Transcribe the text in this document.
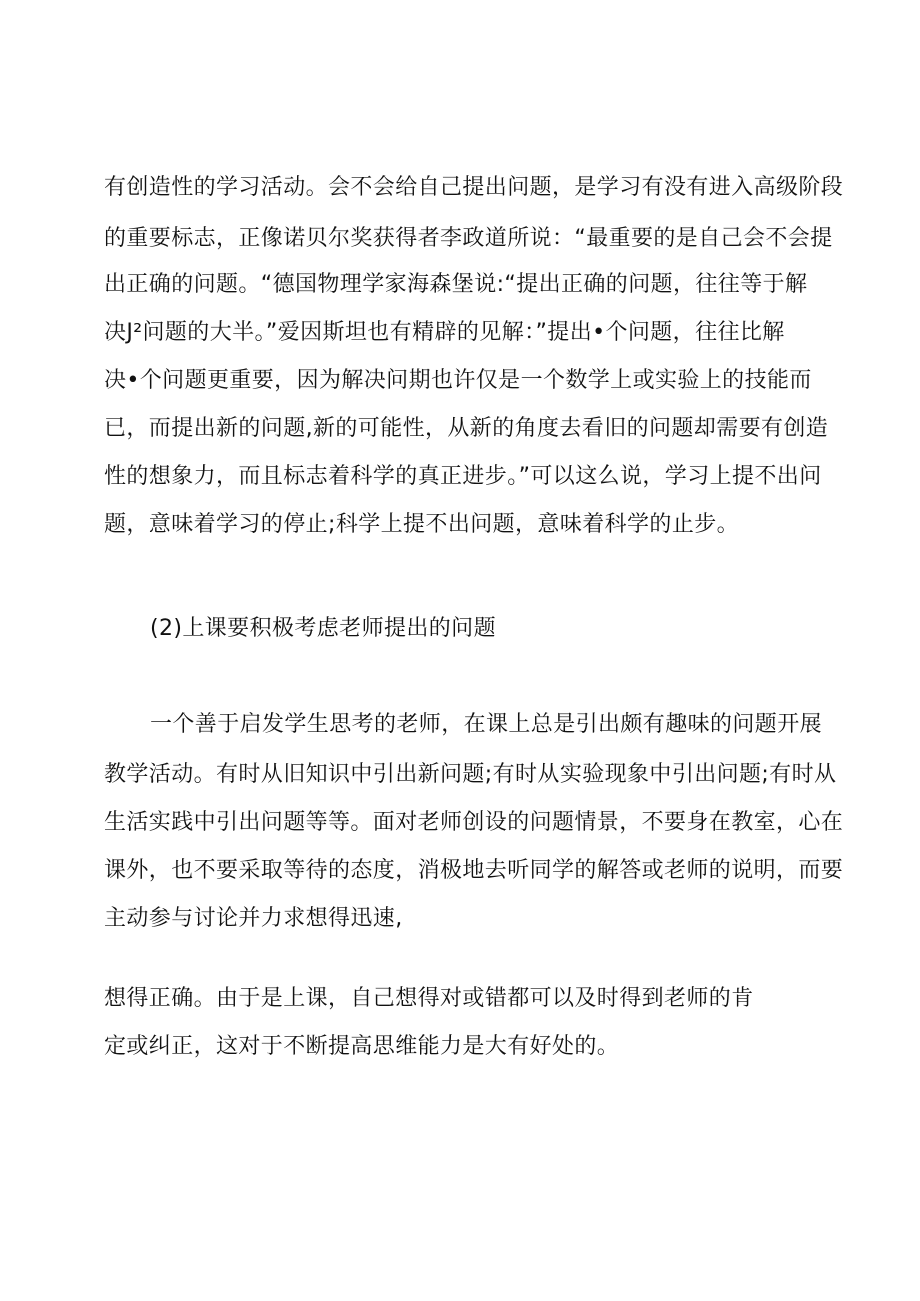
有创造性的学习活动。会不会给自己提出问题，是学习有没有进入高级阶段
的重要标志，正像诺贝尔奖获得者李政道所说：“最重要的是自己会不会提
出正确的问题。“德国物理学家海森堡说:“提出正确的问题，往往等于解
决J²问题的大半。”爱因斯坦也有精辟的见解：”提出•个问题，往往比解
决•个问题更重要，因为解决问期也许仅是一个数学上或实验上的技能而
已，而提出新的问题,新的可能性，从新的角度去看旧的问题却需要有创造
性的想象力，而且标志着科学的真正进步。”可以这么说，学习上提不出问
题，意味着学习的停止;科学上提不出问题，意味着科学的止步。
(2)上课要积极考虑老师提出的问题
一个善于启发学生思考的老师，在课上总是引出颇有趣味的问题开展
教学活动。有时从旧知识中引出新问题;有时从实验现象中引出问题;有时从
生活实践中引出问题等等。面对老师创设的问题情景，不要身在教室，心在
课外，也不要采取等待的态度，消极地去听同学的解答或老师的说明，而要
主动参与讨论并力求想得迅速,
想得正确。由于是上课，自己想得对或错都可以及时得到老师的肯
定或纠正，这对于不断提高思维能力是大有好处的。
